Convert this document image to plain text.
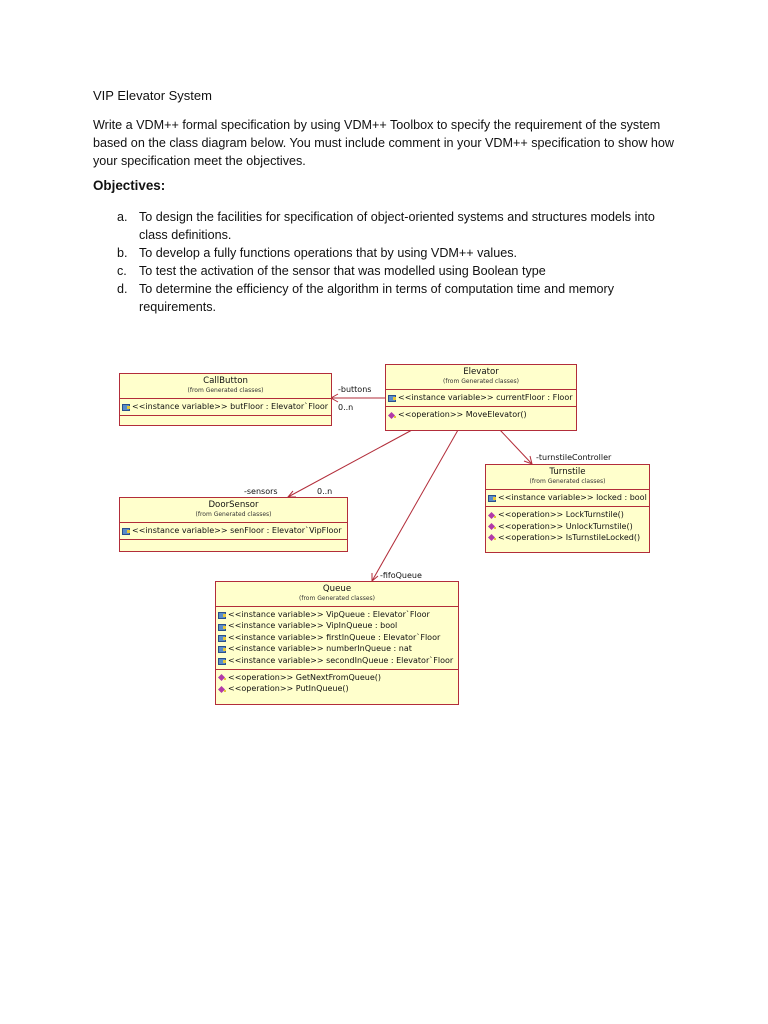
VIP Elevator System
Write a VDM++ formal specification by using VDM++ Toolbox to specify the requirement of the system based on the class diagram below. You must include comment in your VDM++ specification to show how your specification meet the objectives.
Objectives:
a. To design the facilities for specification of object-oriented systems and structures models into class definitions.
b. To develop a fully functions operations that by using VDM++ values.
c. To test the activation of the sensor that was modelled using Boolean type
d. To determine the efficiency of the algorithm in terms of computation time and memory requirements.
-buttons
0..n
-sensors	0..n
-turnstileController
-fifoQueue
CallButton
(from Generated classes)
<<instance variable>> butFloor : Elevator`Floor
Elevator
(from Generated classes)
<<instance variable>> currentFloor : Floor
<<operation>> MoveElevator()
Turnstile
(from Generated classes)
<<instance variable>> locked : bool
<<operation>> LockTurnstile()
<<operation>> UnlockTurnstile()
<<operation>> IsTurnstileLocked()
DoorSensor
(from Generated classes)
<<instance variable>> senFloor : Elevator`VipFloor
Queue
(from Generated classes)
<<instance variable>> VipQueue : Elevator`Floor
<<instance variable>> VipInQueue : bool
<<instance variable>> firstInQueue : Elevator`Floor
<<instance variable>> numberInQueue : nat
<<instance variable>> secondInQueue : Elevator`Floor
<<operation>> GetNextFromQueue()
<<operation>> PutInQueue()
